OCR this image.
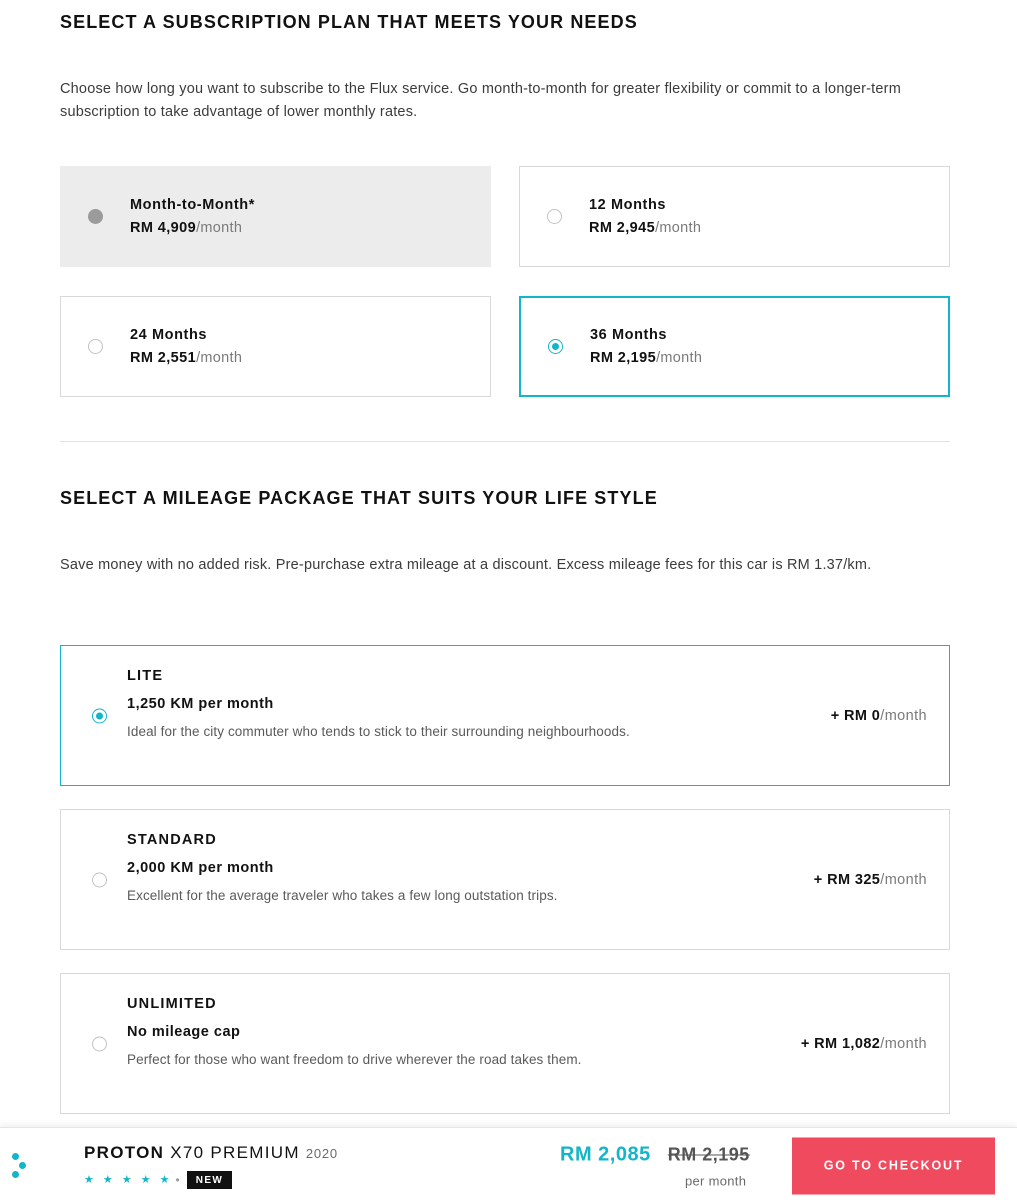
SELECT A SUBSCRIPTION PLAN THAT MEETS YOUR NEEDS
Choose how long you want to subscribe to the Flux service. Go month-to-month for greater flexibility or commit to a longer-term subscription to take advantage of lower monthly rates.
Month-to-Month*
RM 4,909/month
12 Months
RM 2,945/month
24 Months
RM 2,551/month
36 Months
RM 2,195/month
SELECT A MILEAGE PACKAGE THAT SUITS YOUR LIFE STYLE
Save money with no added risk. Pre-purchase extra mileage at a discount. Excess mileage fees for this car is RM 1.37/km.
LITE
1,250 KM per month
Ideal for the city commuter who tends to stick to their surrounding neighbourhoods.
+ RM 0/month
STANDARD
2,000 KM per month
Excellent for the average traveler who takes a few long outstation trips.
+ RM 325/month
UNLIMITED
No mileage cap
Perfect for those who want freedom to drive wherever the road takes them.
+ RM 1,082/month
PROTON X70 PREMIUM 2020
★ ★ ★ ★ ★ •	NEW
RM 2,085 RM 2,195
per month
GO TO CHECKOUT
